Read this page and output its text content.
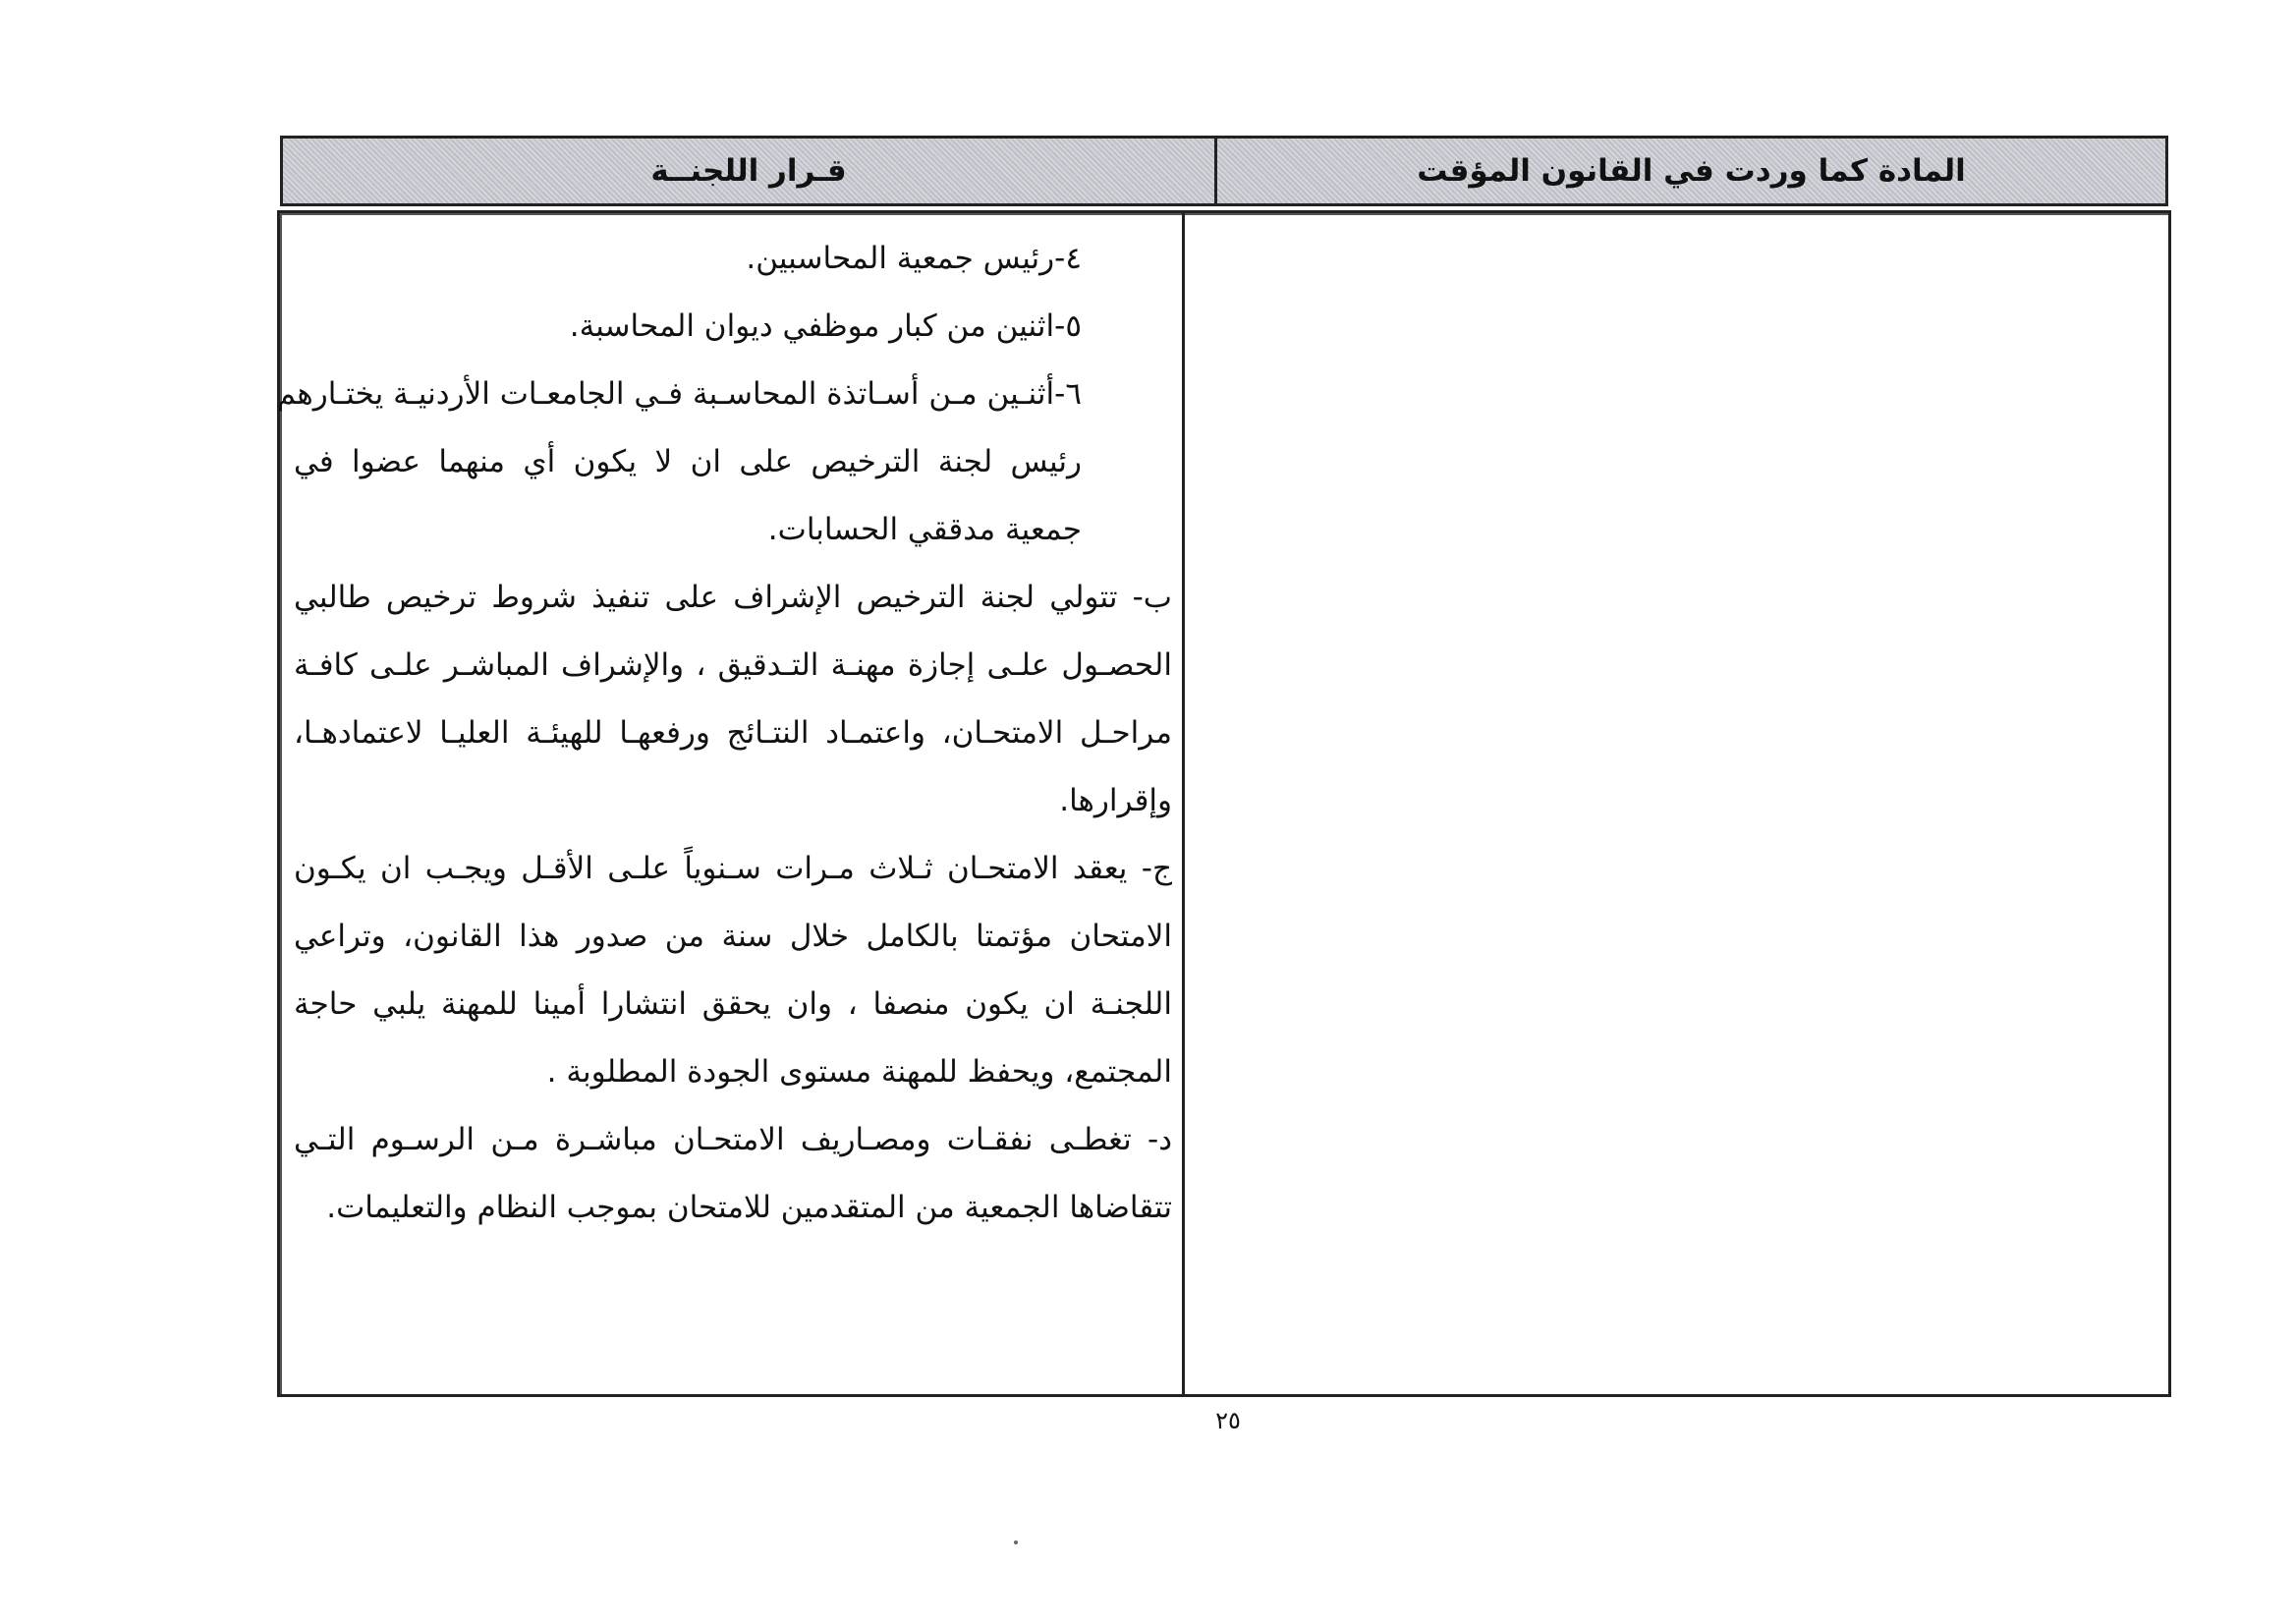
قـرار اللجنــة	المادة كما وردت في القانون المؤقت
٤-رئيس جمعية المحاسبين.
٥-اثنين من كبار موظفي ديوان المحاسبة.
٦-أثنـين مـن أسـاتذة المحاسـبة فـي الجامعـات الأردنيـة يختـارهم
رئيس لجنة الترخيص على ان لا يكون أي منهما عضوا في
جمعية مدققي الحسابات.
ب- تتولي لجنة الترخيص الإشراف على تنفيذ شروط ترخيص طالبي
الحصـول علـى إجازة مهنـة التـدقيق ، والإشراف المباشـر علـى كافـة
مراحـل الامتحـان، واعتمـاد النتـائج ورفعهـا للهيئـة العليـا لاعتمادهـا،
وإقرارها.
ج- يعقد الامتحـان ثـلاث مـرات سـنوياً علـى الأقـل ويجـب ان يكـون
الامتحان مؤتمتا بالكامل خلال سنة من صدور هذا القانون، وتراعي
اللجنـة ان يكون منصفا ، وان يحقق انتشارا أمينا للمهنة يلبي حاجة
المجتمع، ويحفظ للمهنة مستوى الجودة المطلوبة .
د- تغطـى نفقـات ومصـاريف الامتحـان مباشـرة مـن الرسـوم التـي
تتقاضاها الجمعية من المتقدمين للامتحان بموجب النظام والتعليمات.
٢٥
